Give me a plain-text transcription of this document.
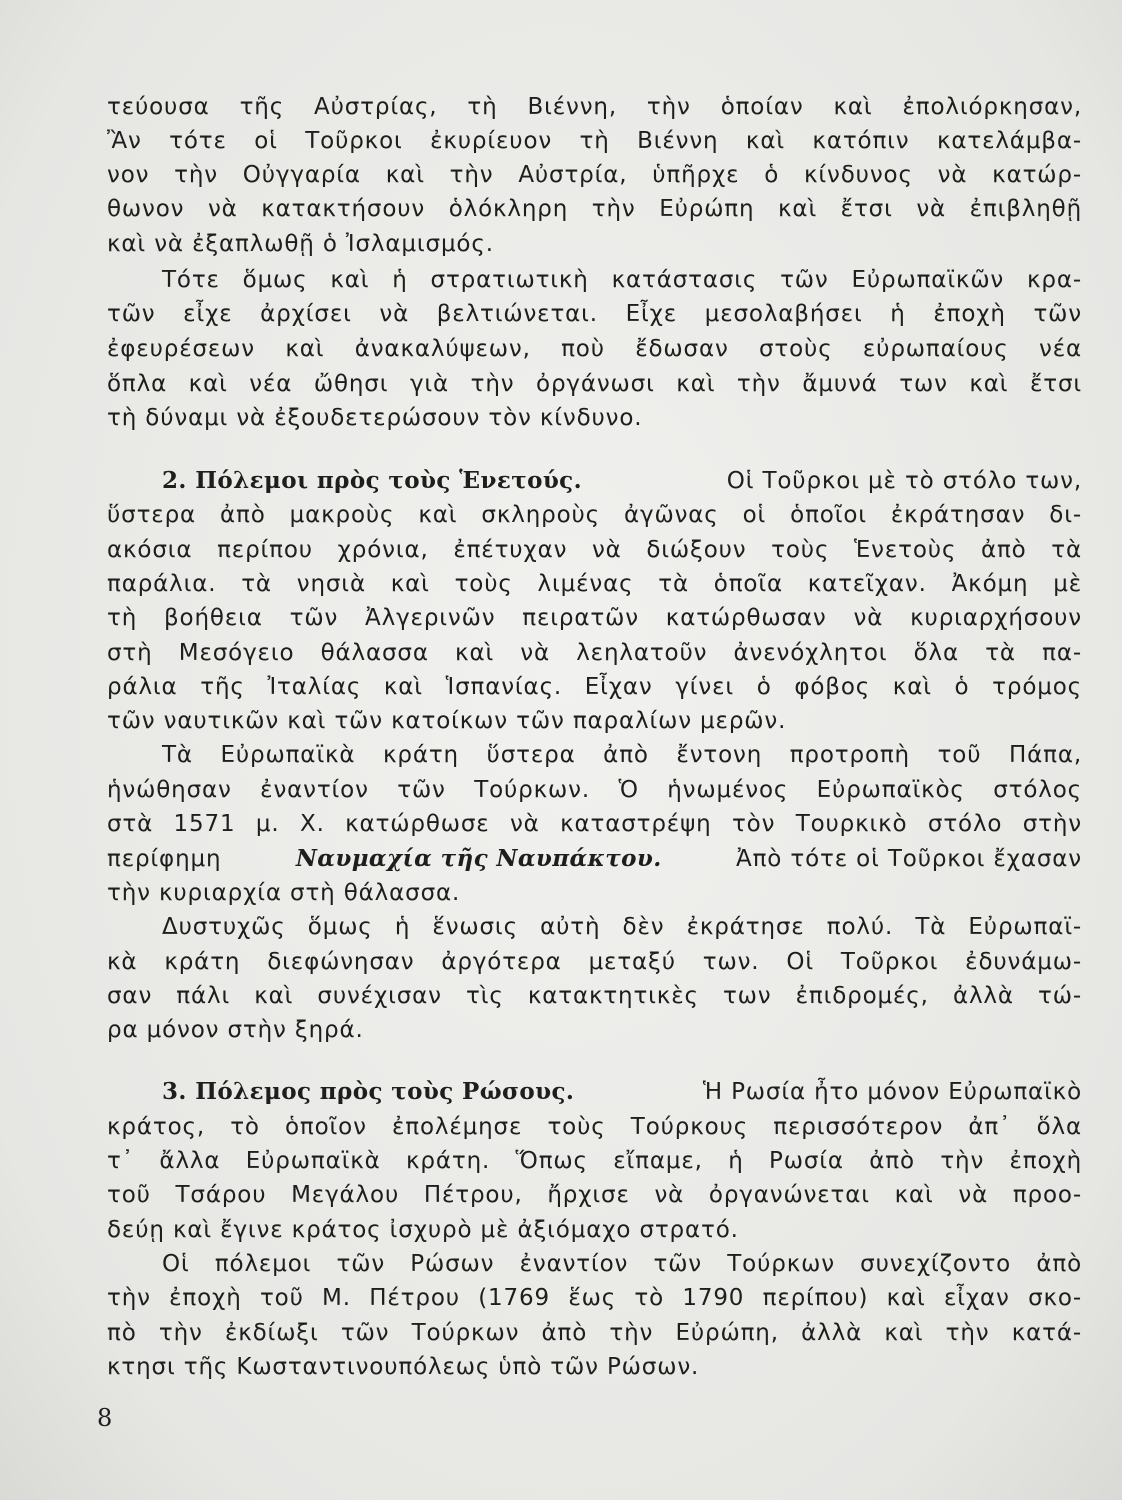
τεύουσα τῆς Αὐστρίας, τὴ Βιέννη, τὴν ὁποίαν καὶ ἐπολιόρκησαν,
Ἂν τότε οἱ Τοῦρκοι ἐκυρίευον τὴ Βιέννη καὶ κατόπιν κατελάμβα-
νον τὴν Οὐγγαρία καὶ τὴν Αὐστρία, ὑπῆρχε ὁ κίνδυνος νὰ κατώρ-
θωνον νὰ κατακτήσουν ὁλόκληρη τὴν Εὐρώπη καὶ ἔτσι νὰ ἐπιβληθῇ
καὶ νὰ ἐξαπλωθῇ ὁ Ἰσλαμισμός.
Τότε ὅμως καὶ ἡ στρατιωτικὴ κατάστασις τῶν Εὐρωπαϊκῶν κρα-
τῶν εἶχε ἀρχίσει νὰ βελτιώνεται. Εἶχε μεσολαβήσει ἡ ἐποχὴ τῶν
ἐφευρέσεων καὶ ἀνακαλύψεων, ποὺ ἔδωσαν στοὺς εὐρωπαίους νέα
ὅπλα καὶ νέα ὤθησι γιὰ τὴν ὀργάνωσι καὶ τὴν ἄμυνά των καὶ ἔτσι
τὴ δύναμι νὰ ἐξουδετερώσουν τὸν κίνδυνο.
2. Πόλεμοι πρὸς τοὺς Ἑνετούς.	Οἱ Τοῦρκοι μὲ τὸ στόλο των,
ὕστερα ἀπὸ μακροὺς καὶ σκληροὺς ἀγῶνας οἱ ὁποῖοι ἐκράτησαν δι-
ακόσια περίπου χρόνια, ἐπέτυχαν νὰ διώξουν τοὺς Ἑνετοὺς ἀπὸ τὰ
παράλια. τὰ νησιὰ καὶ τοὺς λιμένας τὰ ὁποῖα κατεῖχαν. Ἀκόμη μὲ
τὴ βοήθεια τῶν Ἀλγερινῶν πειρατῶν κατώρθωσαν νὰ κυριαρχήσουν
στὴ Μεσόγειο θάλασσα καὶ νὰ λεηλατοῦν ἀνενόχλητοι ὅλα τὰ πα-
ράλια τῆς Ἰταλίας καὶ Ἱσπανίας. Εἶχαν γίνει ὁ φόβος καὶ ὁ τρόμος
τῶν ναυτικῶν καὶ τῶν κατοίκων τῶν παραλίων μερῶν.
Τὰ Εὐρωπαϊκὰ κράτη ὕστερα ἀπὸ ἔντονη προτροπὴ τοῦ Πάπα,
ἡνώθησαν ἐναντίον τῶν Τούρκων. Ὁ ἡνωμένος Εὐρωπαϊκὸς στόλος
στὰ 1571 μ. Χ. κατώρθωσε νὰ καταστρέψη τὸν Τουρκικὸ στόλο στὴν
περίφημη	Ναυμαχία τῆς Ναυπάκτου.	Ἀπὸ τότε οἱ Τοῦρκοι ἔχασαν
τὴν κυριαρχία στὴ θάλασσα.
Δυστυχῶς ὅμως ἡ ἕνωσις αὐτὴ δὲν ἐκράτησε πολύ. Τὰ Εὐρωπαϊ-
κὰ κράτη διεφώνησαν ἀργότερα μεταξύ των. Οἱ Τοῦρκοι ἐδυνάμω-
σαν πάλι καὶ συνέχισαν τὶς κατακτητικὲς των ἐπιδρομές, ἀλλὰ τώ-
ρα μόνον στὴν ξηρά.
3. Πόλεμος πρὸς τοὺς Ρώσους.	Ἡ Ρωσία ἦτο μόνον Εὐρωπαϊκὸ
κράτος, τὸ ὁποῖον ἐπολέμησε τοὺς Τούρκους περισσότερον ἀπ᾽ ὅλα
τ᾽ ἄλλα Εὐρωπαϊκὰ κράτη. Ὅπως εἴπαμε, ἡ Ρωσία ἀπὸ τὴν ἐποχὴ
τοῦ Τσάρου Μεγάλου Πέτρου, ἤρχισε νὰ ὀργανώνεται καὶ νὰ προο-
δεύῃ καὶ ἔγινε κράτος ἰσχυρὸ μὲ ἀξιόμαχο στρατό.
Οἱ πόλεμοι τῶν Ρώσων ἐναντίον τῶν Τούρκων συνεχίζοντο ἀπὸ
τὴν ἐποχὴ τοῦ Μ. Πέτρου (1769 ἕως τὸ 1790 περίπου) καὶ εἶχαν σκο-
πὸ τὴν ἐκδίωξι τῶν Τούρκων ἀπὸ τὴν Εὐρώπη, ἀλλὰ καὶ τὴν κατά-
κτησι τῆς Κωσταντινουπόλεως ὑπὸ τῶν Ρώσων.
8
